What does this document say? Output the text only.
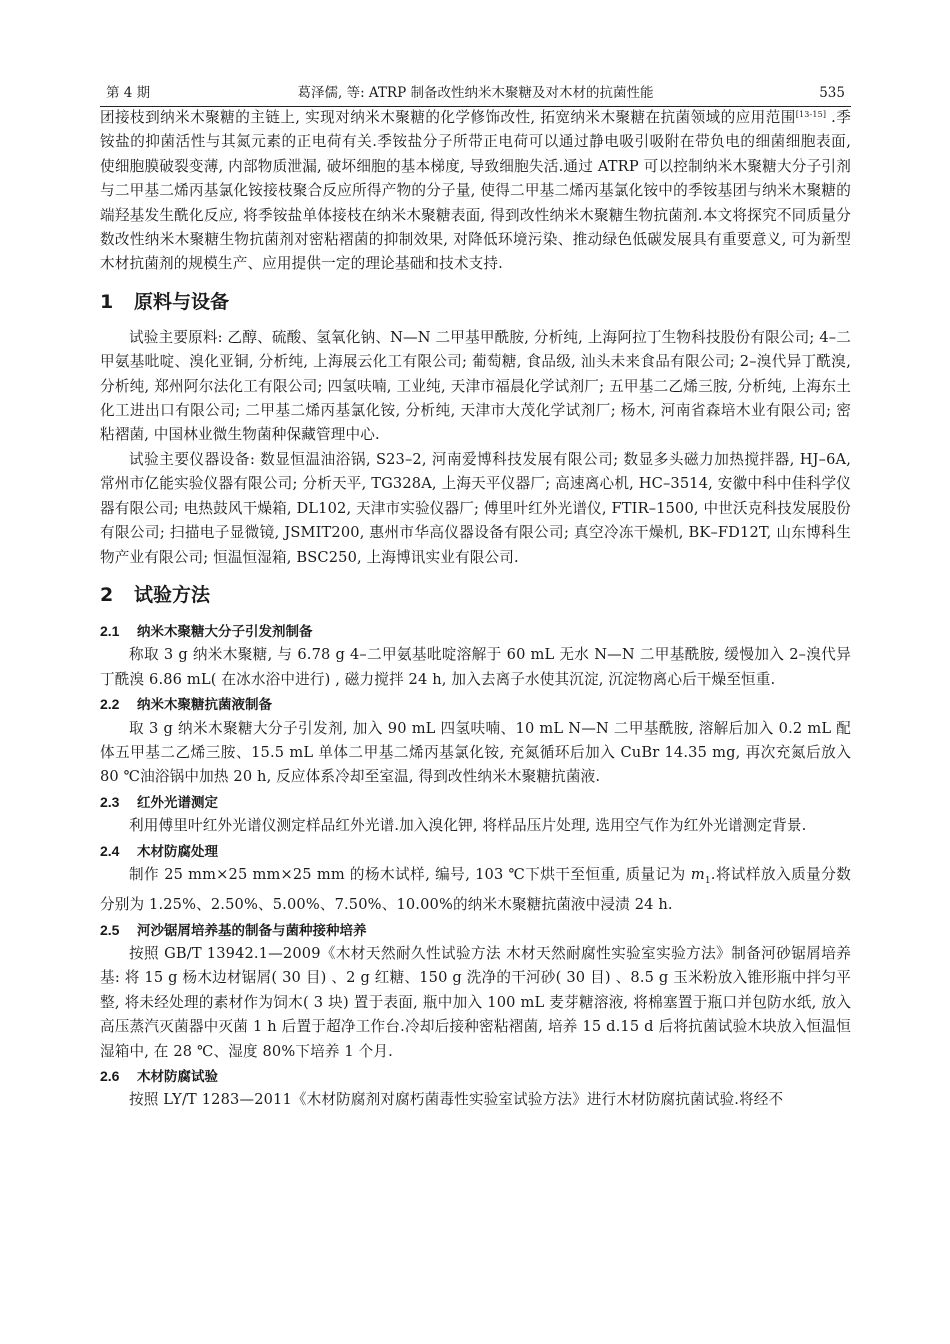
第 4 期	葛泽儒, 等: ATRP 制备改性纳米木聚糖及对木材的抗菌性能	535

团接枝到纳米木聚糖的主链上, 实现对纳米木聚糖的化学修饰改性, 拓宽纳米木聚糖在抗菌领域的应用范围[13-15] .季铵盐的抑菌活性与其氮元素的正电荷有关.季铵盐分子所带正电荷可以通过静电吸引吸附在带负电的细菌细胞表面, 使细胞膜破裂变薄, 内部物质泄漏, 破坏细胞的基本梯度, 导致细胞失活.通过 ATRP 可以控制纳米木聚糖大分子引剂与二甲基二烯丙基氯化铵接枝聚合反应所得产物的分子量, 使得二甲基二烯丙基氯化铵中的季铵基团与纳米木聚糖的端羟基发生酰化反应, 将季铵盐单体接枝在纳米木聚糖表面, 得到改性纳米木聚糖生物抗菌剂.本文将探究不同质量分数改性纳米木聚糖生物抗菌剂对密粘褶菌的抑制效果, 对降低环境污染、推动绿色低碳发展具有重要意义, 可为新型木材抗菌剂的规模生产、应用提供一定的理论基础和技术支持.

1 原料与设备

试验主要原料: 乙醇、硫酸、氢氧化钠、N—N 二甲基甲酰胺, 分析纯, 上海阿拉丁生物科技股份有限公司; 4–二甲氨基吡啶、溴化亚铜, 分析纯, 上海展云化工有限公司; 葡萄糖, 食品级, 汕头未来食品有限公司; 2–溴代异丁酰溴, 分析纯, 郑州阿尔法化工有限公司; 四氢呋喃, 工业纯, 天津市福晨化学试剂厂; 五甲基二乙烯三胺, 分析纯, 上海东土化工进出口有限公司; 二甲基二烯丙基氯化铵, 分析纯, 天津市大茂化学试剂厂; 杨木, 河南省森培木业有限公司; 密粘褶菌, 中国林业微生物菌种保藏管理中心.

试验主要仪器设备: 数显恒温油浴锅, S23–2, 河南爱博科技发展有限公司; 数显多头磁力加热搅拌器, HJ–6A, 常州市亿能实验仪器有限公司; 分析天平, TG328A, 上海天平仪器厂; 高速离心机, HC–3514, 安徽中科中佳科学仪器有限公司; 电热鼓风干燥箱, DL102, 天津市实验仪器厂; 傅里叶红外光谱仪, FTIR–1500, 中世沃克科技发展股份有限公司; 扫描电子显微镜, JSMIT200, 惠州市华高仪器设备有限公司; 真空冷冻干燥机, BK–FD12T, 山东博科生物产业有限公司; 恒温恒湿箱, BSC250, 上海博讯实业有限公司.

2 试验方法
2.1 纳米木聚糖大分子引发剂制备

称取 3 g 纳米木聚糖, 与 6.78 g 4–二甲氨基吡啶溶解于 60 mL 无水 N—N 二甲基酰胺, 缓慢加入 2–溴代异丁酰溴 6.86 mL( 在冰水浴中进行) , 磁力搅拌 24 h, 加入去离子水使其沉淀, 沉淀物离心后干燥至恒重.

2.2 纳米木聚糖抗菌液制备

取 3 g 纳米木聚糖大分子引发剂, 加入 90 mL 四氢呋喃、10 mL N—N 二甲基酰胺, 溶解后加入 0.2 mL 配体五甲基二乙烯三胺、15.5 mL 单体二甲基二烯丙基氯化铵, 充氮循环后加入 CuBr 14.35 mg, 再次充氮后放入 80 ℃油浴锅中加热 20 h, 反应体系冷却至室温, 得到改性纳米木聚糖抗菌液.

2.3 红外光谱测定

利用傅里叶红外光谱仪测定样品红外光谱.加入溴化钾, 将样品压片处理, 选用空气作为红外光谱测定背景.

2.4 木材防腐处理

制作 25 mm×25 mm×25 mm 的杨木试样, 编号, 103 ℃下烘干至恒重, 质量记为 $m_1$.将试样放入质量分数分别为 1.25%、2.50%、5.00%、7.50%、10.00%的纳米木聚糖抗菌液中浸渍 24 h.

2.5 河沙锯屑培养基的制备与菌种接种培养

按照 GB/T 13942.1—2009《木材天然耐久性试验方法 木材天然耐腐性实验室实验方法》制备河砂锯屑培养基: 将 15 g 杨木边材锯屑( 30 目) 、2 g 红糖、150 g 洗净的干河砂( 30 目) 、8.5 g 玉米粉放入锥形瓶中拌匀平整, 将未经处理的素材作为饲木( 3 块) 置于表面, 瓶中加入 100 mL 麦芽糖溶液, 将棉塞置于瓶口并包防水纸, 放入高压蒸汽灭菌器中灭菌 1 h 后置于超净工作台.冷却后接种密粘褶菌, 培养 15 d.15 d 后将抗菌试验木块放入恒温恒湿箱中, 在 28 ℃、湿度 80%下培养 1 个月.

2.6 木材防腐试验

按照 LY/T 1283—2011《木材防腐剂对腐朽菌毒性实验室试验方法》进行木材防腐抗菌试验.将经不
